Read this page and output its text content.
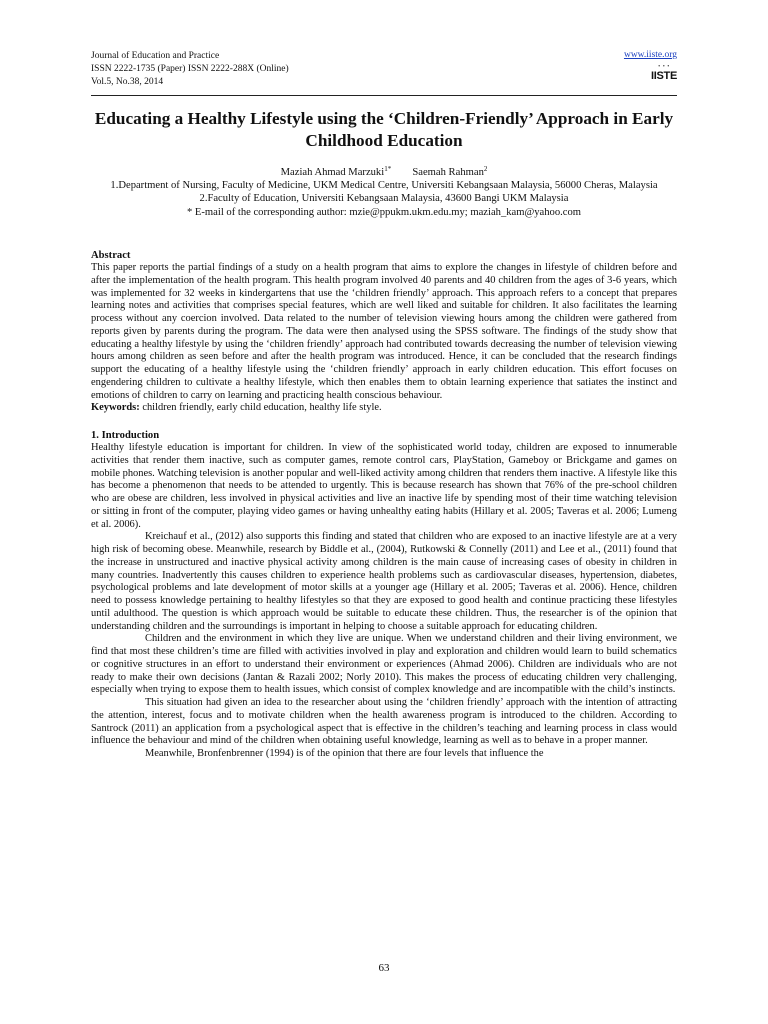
Journal of Education and Practice
ISSN 2222-1735 (Paper) ISSN 2222-288X (Online)
Vol.5, No.38, 2014
www.iiste.org
• • •
IISTE
Educating a Healthy Lifestyle using the ‘Children-Friendly’ Approach in Early Childhood Education
Maziah Ahmad Marzuki$^{1*}$ Saemah Rahman$^2$
1.Department of Nursing, Faculty of Medicine, UKM Medical Centre, Universiti Kebangsaan Malaysia, 56000 Cheras, Malaysia
2.Faculty of Education, Universiti Kebangsaan Malaysia, 43600 Bangi UKM Malaysia
* E-mail of the corresponding author: mzie@ppukm.ukm.edu.my; maziah_kam@yahoo.com
Abstract

This paper reports the partial findings of a study on a health program that aims to explore the changes in lifestyle of children before and after the implementation of the health program. This health program involved 40 parents and 40 children from the ages of 3-6 years, which was implemented for 32 weeks in kindergartens that use the ‘children friendly’ approach. This approach refers to a concept that prepares learning notes and activities that comprises special features, which are well liked and suitable for children. It also facilitates the learning process without any coercion involved. Data related to the number of television viewing hours among the children were gathered from reports given by parents during the program. The data were then analysed using the SPSS software. The findings of the study show that educating a healthy lifestyle by using the ‘children friendly’ approach had contributed towards decreasing the number of television viewing hours among children as seen before and after the health program was introduced. Hence, it can be concluded that the research findings support the educating of a healthy lifestyle using the ‘children friendly’ approach in early children education. This effort focuses on engendering children to cultivate a healthy lifestyle, which then enables them to obtain learning experience that satiates the instinct and emotions of children to carry on learning and practicing health conscious behaviour.

Keywords: children friendly, early child education, healthy life style.

1. Introduction

Healthy lifestyle education is important for children. In view of the sophisticated world today, children are exposed to innumerable activities that render them inactive, such as computer games, remote control cars, PlayStation, Gameboy or Brickgame and games on mobile phones. Watching television is another popular and well-liked activity among children that renders them inactive. A lifestyle like this has become a phenomenon that needs to be attended to urgently. This is because research has shown that 76% of the pre-school children who are obese are children, less involved in physical activities and live an inactive life by spending most of their time watching television or sitting in front of the computer, playing video games or having unhealthy eating habits (Hillary et al. 2005; Taveras et al. 2006; Lumeng et al. 2006).

Kreichauf et al., (2012) also supports this finding and stated that children who are exposed to an inactive lifestyle are at a very high risk of becoming obese. Meanwhile, research by Biddle et al., (2004), Rutkowski & Connelly (2011) and Lee et al., (2011) found that the increase in unstructured and inactive physical activity among children is the main cause of increasing cases of obesity in children in many countries. Inadvertently this causes children to experience health problems such as cardiovascular diseases, hypertension, diabetes, psychological problems and late development of motor skills at a younger age (Hillary et al. 2005; Taveras et al. 2006). Hence, children need to possess knowledge pertaining to healthy lifestyles so that they are exposed to good health and continue practicing these lifestyles until adulthood. The question is which approach would be suitable to educate these children. Thus, the researcher is of the opinion that understanding children and the surroundings is important in helping to choose a suitable approach for educating children.

Children and the environment in which they live are unique. When we understand children and their living environment, we find that most these children’s time are filled with activities involved in play and exploration and children would learn to build schematics or cognitive structures in an effort to understand their environment or experiences (Ahmad 2006). Children are individuals who are not ready to make their own decisions (Jantan & Razali 2002; Norly 2010). This makes the process of educating children very challenging, especially when trying to expose them to health issues, which consist of complex knowledge and are incompatible with the child’s instincts.

This situation had given an idea to the researcher about using the ‘children friendly’ approach with the intention of attracting the attention, interest, focus and to motivate children when the health awareness program is introduced to the children. According to Santrock (2011) an application from a psychological aspect that is effective in the children’s teaching and learning process in class would influence the behaviour and mind of the children when obtaining useful knowledge, learning as well as to behave in a proper manner.

Meanwhile, Bronfenbrenner (1994) is of the opinion that there are four levels that influence the

63
